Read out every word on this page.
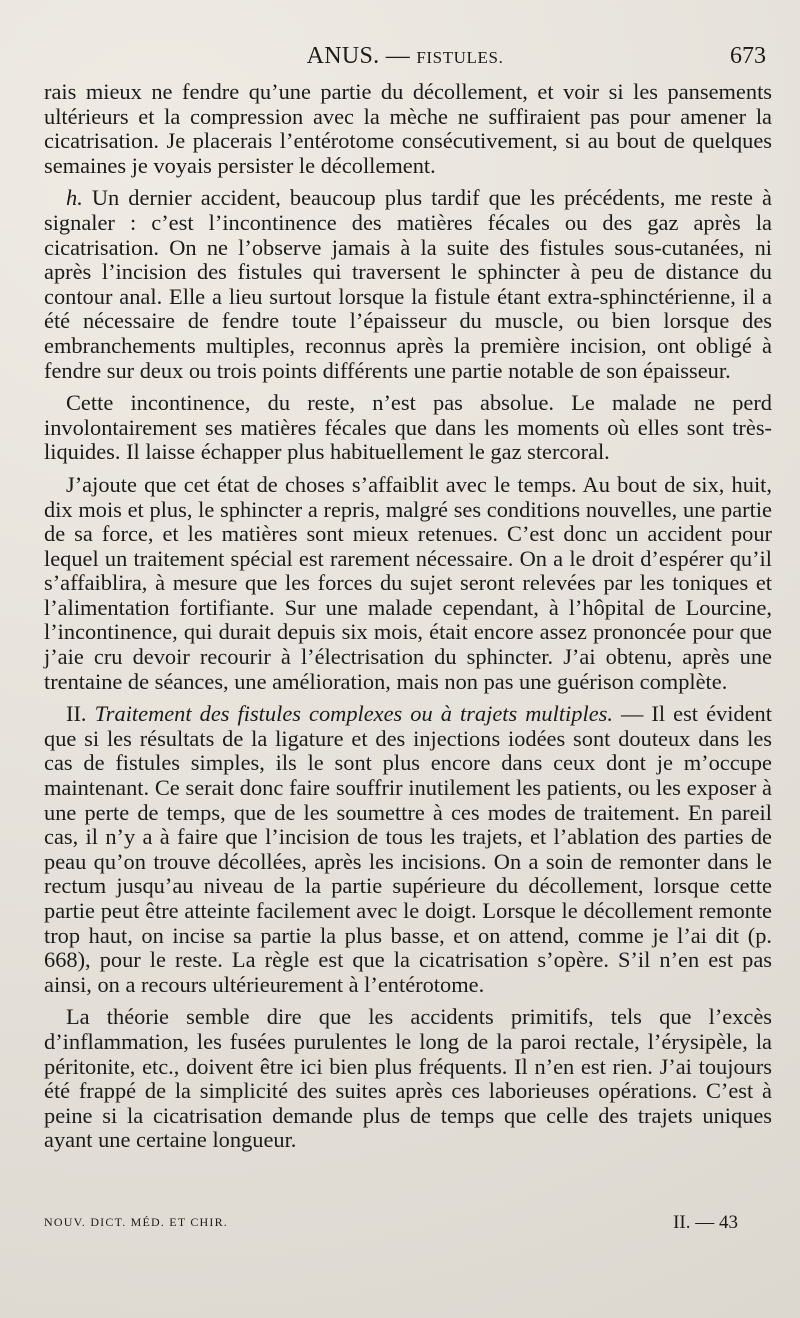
ANUS. — FISTULES.	673

rais mieux ne fendre qu’une partie du décollement, et voir si les pansements ultérieurs et la compression avec la mèche ne suffiraient pas pour amener la cicatrisation. Je placerais l’entérotome consécutivement, si au bout de quelques semaines je voyais persister le décollement.

h. Un dernier accident, beaucoup plus tardif que les précédents, me reste à signaler : c’est l’incontinence des matières fécales ou des gaz après la cicatrisation. On ne l’observe jamais à la suite des fistules sous-cutanées, ni après l’incision des fistules qui traversent le sphincter à peu de distance du contour anal. Elle a lieu surtout lorsque la fistule étant extra-sphinctérienne, il a été nécessaire de fendre toute l’épaisseur du muscle, ou bien lorsque des embranchements multiples, reconnus après la première incision, ont obligé à fendre sur deux ou trois points différents une partie notable de son épaisseur.

Cette incontinence, du reste, n’est pas absolue. Le malade ne perd involontairement ses matières fécales que dans les moments où elles sont très-liquides. Il laisse échapper plus habituellement le gaz stercoral.

J’ajoute que cet état de choses s’affaiblit avec le temps. Au bout de six, huit, dix mois et plus, le sphincter a repris, malgré ses conditions nouvelles, une partie de sa force, et les matières sont mieux retenues. C’est donc un accident pour lequel un traitement spécial est rarement nécessaire. On a le droit d’espérer qu’il s’affaiblira, à mesure que les forces du sujet seront relevées par les toniques et l’alimentation fortifiante. Sur une malade cependant, à l’hôpital de Lourcine, l’incontinence, qui durait depuis six mois, était encore assez prononcée pour que j’aie cru devoir recourir à l’électrisation du sphincter. J’ai obtenu, après une trentaine de séances, une amélioration, mais non pas une guérison complète.

II. Traitement des fistules complexes ou à trajets multiples. — Il est évident que si les résultats de la ligature et des injections iodées sont douteux dans les cas de fistules simples, ils le sont plus encore dans ceux dont je m’occupe maintenant. Ce serait donc faire souffrir inutilement les patients, ou les exposer à une perte de temps, que de les soumettre à ces modes de traitement. En pareil cas, il n’y a à faire que l’incision de tous les trajets, et l’ablation des parties de peau qu’on trouve décollées, après les incisions. On a soin de remonter dans le rectum jusqu’au niveau de la partie supérieure du décollement, lorsque cette partie peut être atteinte facilement avec le doigt. Lorsque le décollement remonte trop haut, on incise sa partie la plus basse, et on attend, comme je l’ai dit (p. 668), pour le reste. La règle est que la cicatrisation s’opère. S’il n’en est pas ainsi, on a recours ultérieurement à l’entérotome.

La théorie semble dire que les accidents primitifs, tels que l’excès d’inflammation, les fusées purulentes le long de la paroi rectale, l’érysipèle, la péritonite, etc., doivent être ici bien plus fréquents. Il n’en est rien. J’ai toujours été frappé de la simplicité des suites après ces laborieuses opérations. C’est à peine si la cicatrisation demande plus de temps que celle des trajets uniques ayant une certaine longueur.

NOUV. DICT. MÉD. ET CHIR.	II. — 43
